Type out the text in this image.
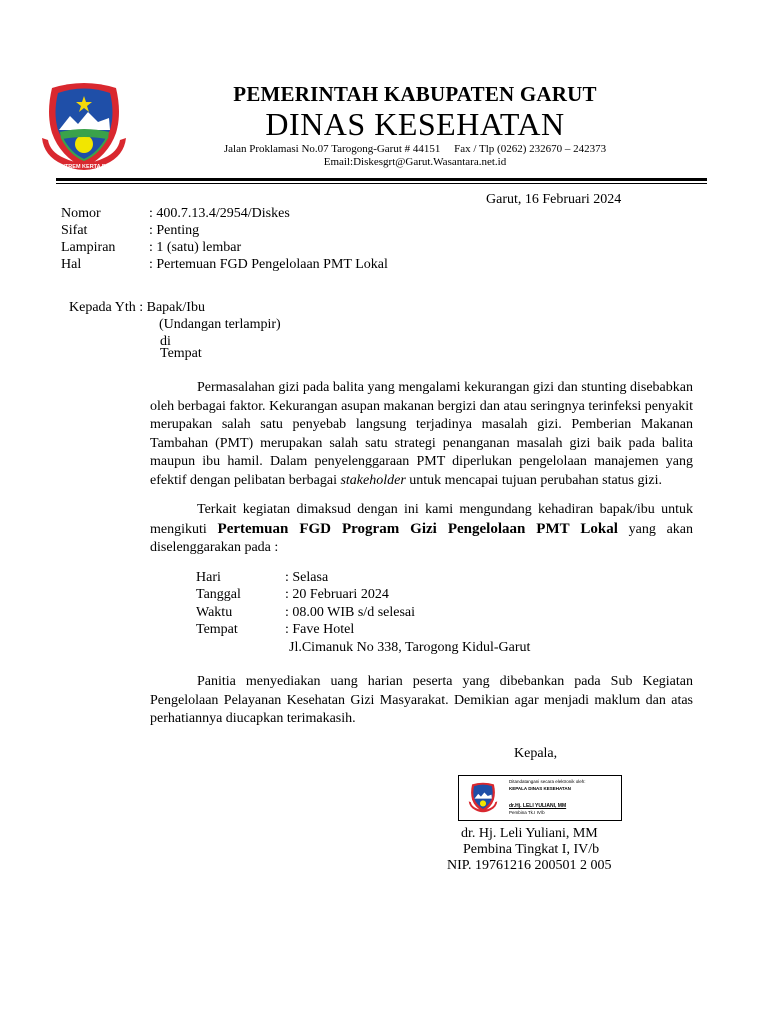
TATA TENTREM KERTA RAHARJA
PEMERINTAH KABUPATEN GARUT
DINAS KESEHATAN
Jalan Proklamasi No.07 Tarogong-Garut # 44151     Fax / Tlp (0262) 232670 – 242373
Email:Diskesgrt@Garut.Wasantara.net.id
Garut, 16 Februari 2024
Nomor	: 400.7.13.4/2954/Diskes
Sifat	: Penting
Lampiran : 1 (satu) lembar
Hal	: Pertemuan FGD Pengelolaan PMT Lokal
Kepada Yth : Bapak/Ibu
(Undangan terlampir)
di
Tempat

Permasalahan gizi pada balita yang mengalami kekurangan gizi dan stunting disebabkan oleh berbagai faktor. Kekurangan asupan makanan bergizi dan atau seringnya terinfeksi penyakit merupakan salah satu penyebab langsung terjadinya masalah gizi. Pemberian Makanan Tambahan (PMT) merupakan salah satu strategi penanganan masalah gizi baik pada balita maupun ibu hamil. Dalam penyelenggaraan PMT diperlukan pengelolaan manajemen yang efektif dengan pelibatan berbagai stakeholder untuk mencapai tujuan perubahan status gizi.

Terkait kegiatan dimaksud dengan ini kami mengundang kehadiran bapak/ibu untuk mengikuti Pertemuan FGD Program Gizi Pengelolaan PMT Lokal yang akan diselenggarakan pada :

Hari	: Selasa
Tanggal	: 20 Februari 2024
Waktu	: 08.00 WIB s/d selesai
Tempat	: Fave Hotel
Jl.Cimanuk No 338, Tarogong Kidul-Garut

Panitia menyediakan uang harian peserta yang dibebankan pada Sub Kegiatan Pengelolaan Pelayanan Kesehatan Gizi Masyarakat. Demikian agar menjadi maklum dan atas perhatiannya diucapkan terimakasih.

Kepala,
Ditandatangani secara elektronik oleh:
KEPALA DINAS KESEHATAN
dr.Hj. LELI YULIANI, MM
Pembina Tk.I IV/b
dr. Hj. Leli Yuliani, MM
Pembina Tingkat I, IV/b
NIP. 19761216 200501 2 005
